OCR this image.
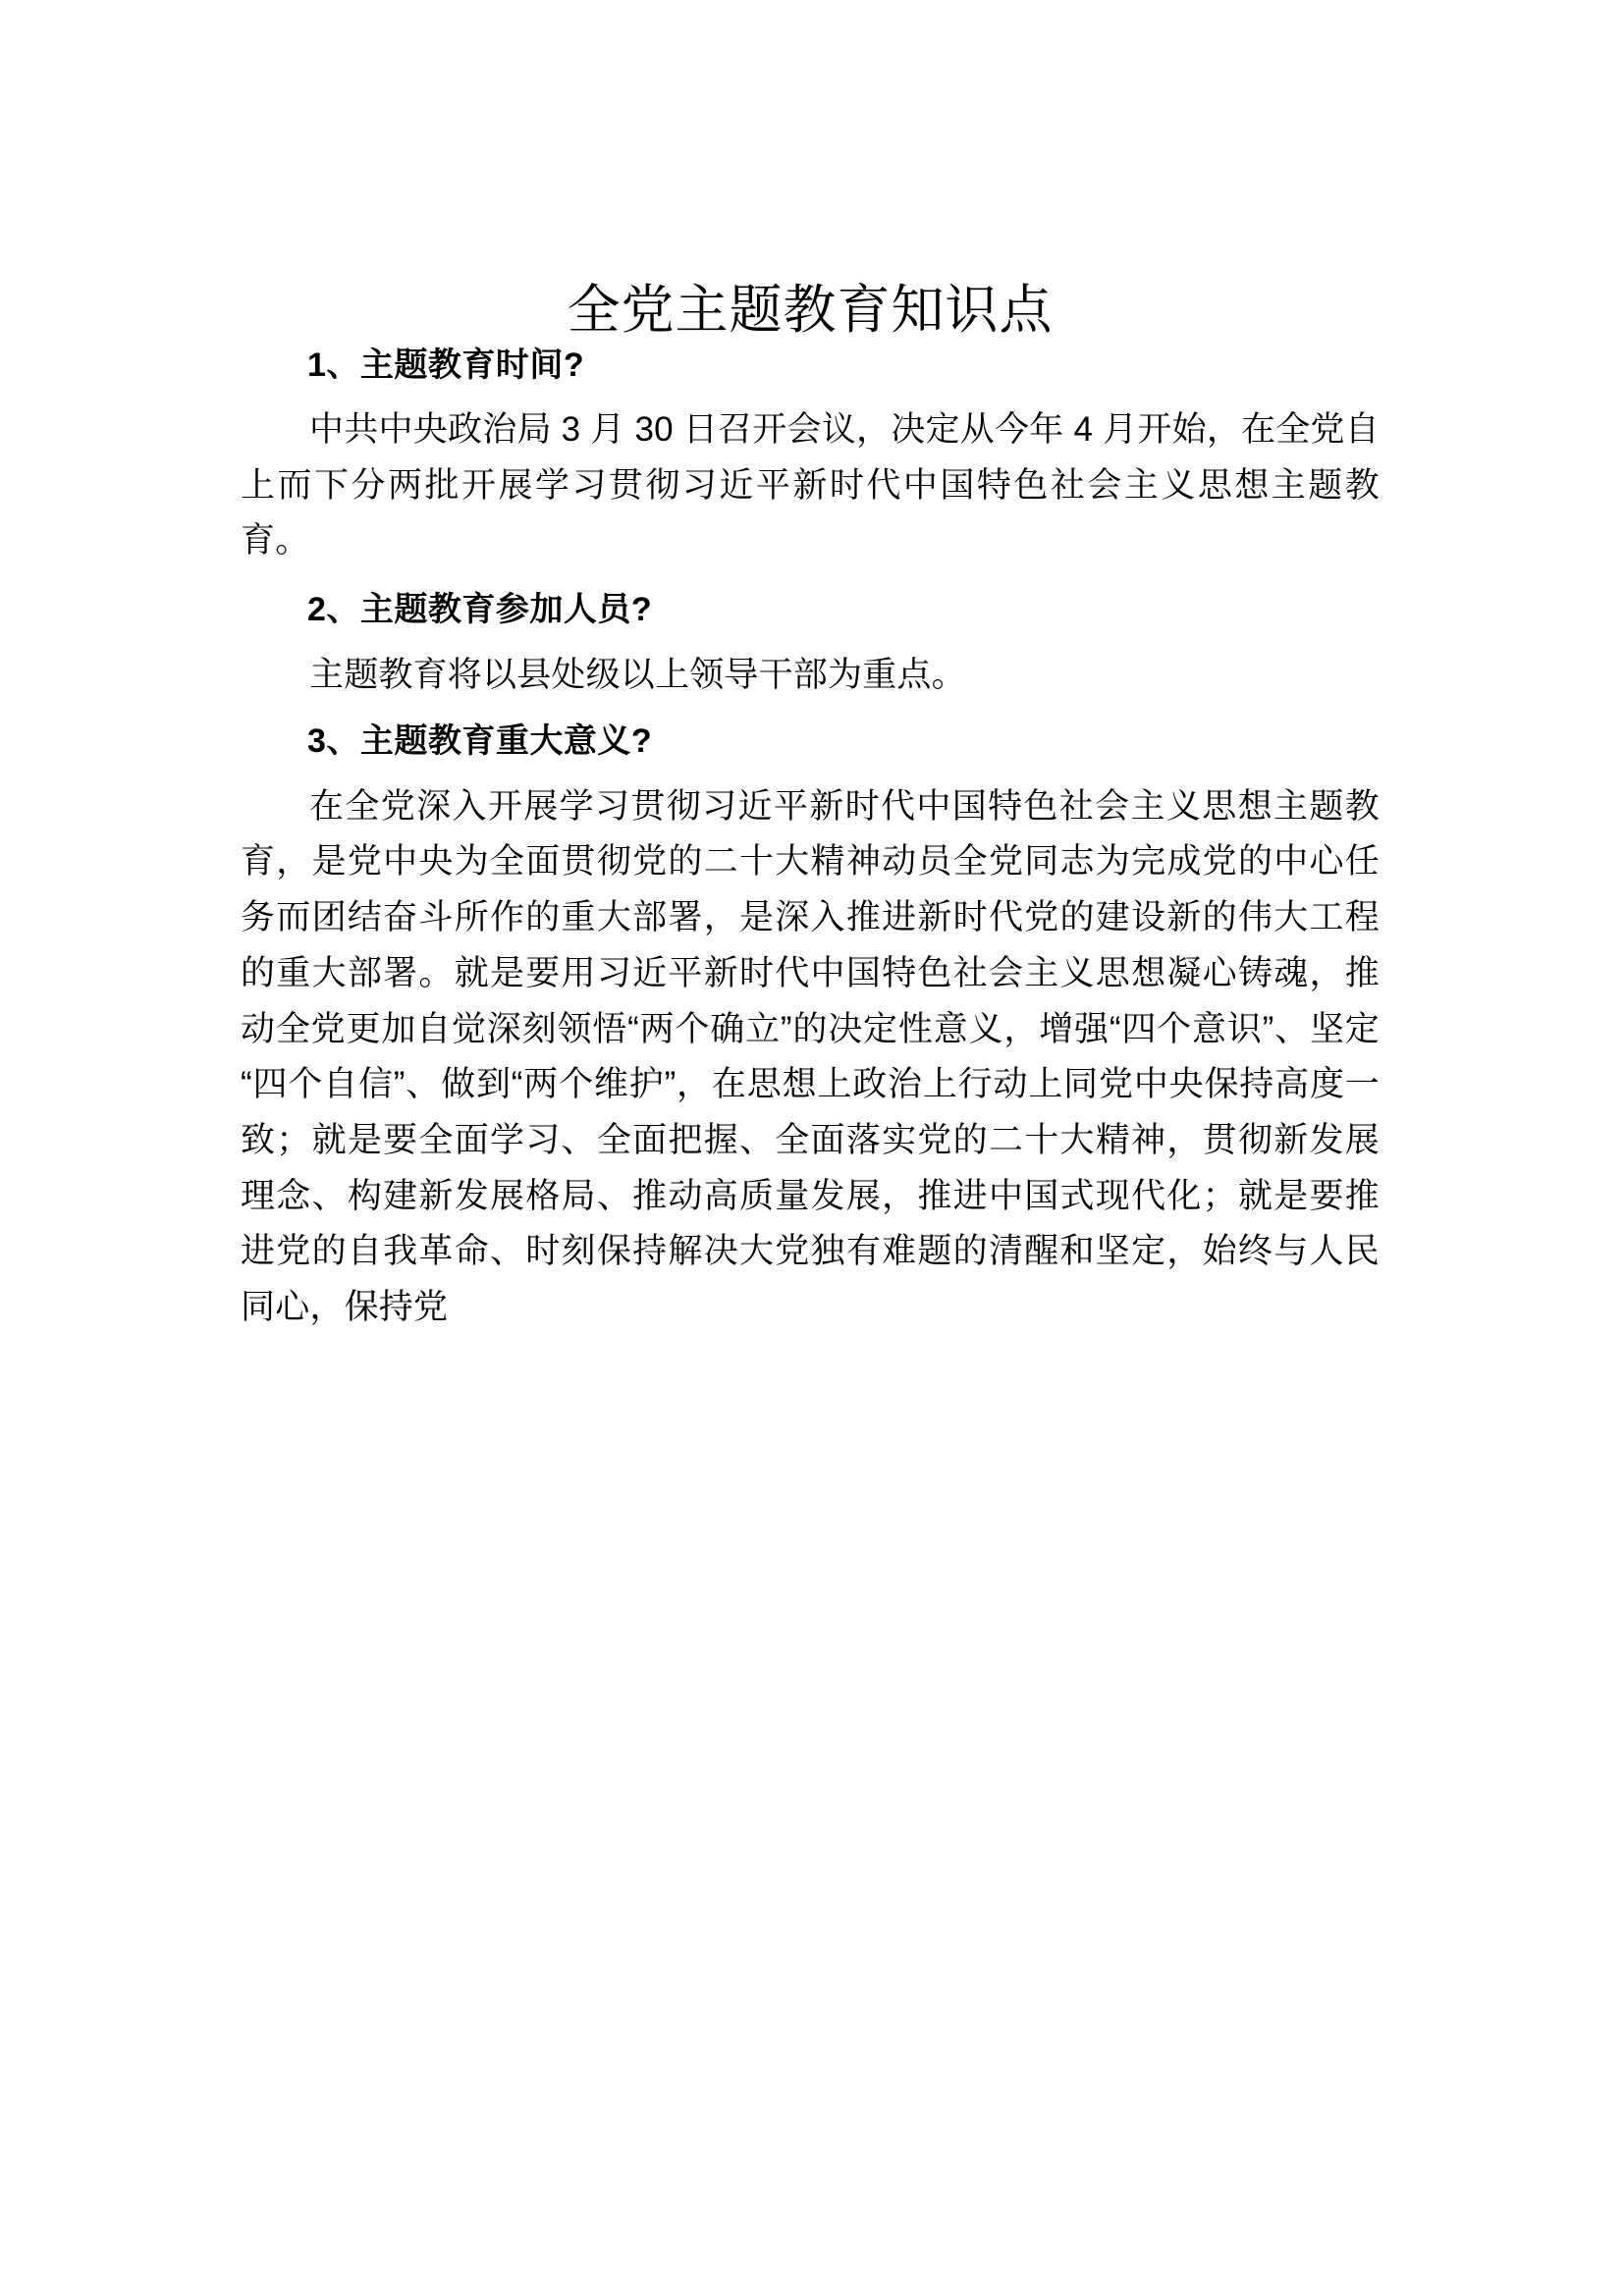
全党主题教育知识点

1、主题教育时间?

中共中央政治局 3 月 30 日召开会议，决定从今年 4 月开始，在全党自上而下分两批开展学习贯彻习近平新时代中国特色社会主义思想主题教育。

2、主题教育参加人员?

主题教育将以县处级以上领导干部为重点。

3、主题教育重大意义?

在全党深入开展学习贯彻习近平新时代中国特色社会主义思想主题教育，是党中央为全面贯彻党的二十大精神动员全党同志为完成党的中心任务而团结奋斗所作的重大部署，是深入推进新时代党的建设新的伟大工程的重大部署。就是要用习近平新时代中国特色社会主义思想凝心铸魂，推动全党更加自觉深刻领悟“两个确立”的决定性意义，增强“四个意识”、坚定“四个自信”、做到“两个维护”，在思想上政治上行动上同党中央保持高度一致；就是要全面学习、全面把握、全面落实党的二十大精神，贯彻新发展理念、构建新发展格局、推动高质量发展，推进中国式现代化；就是要推进党的自我革命、时刻保持解决大党独有难题的清醒和坚定，始终与人民同心，保持党
